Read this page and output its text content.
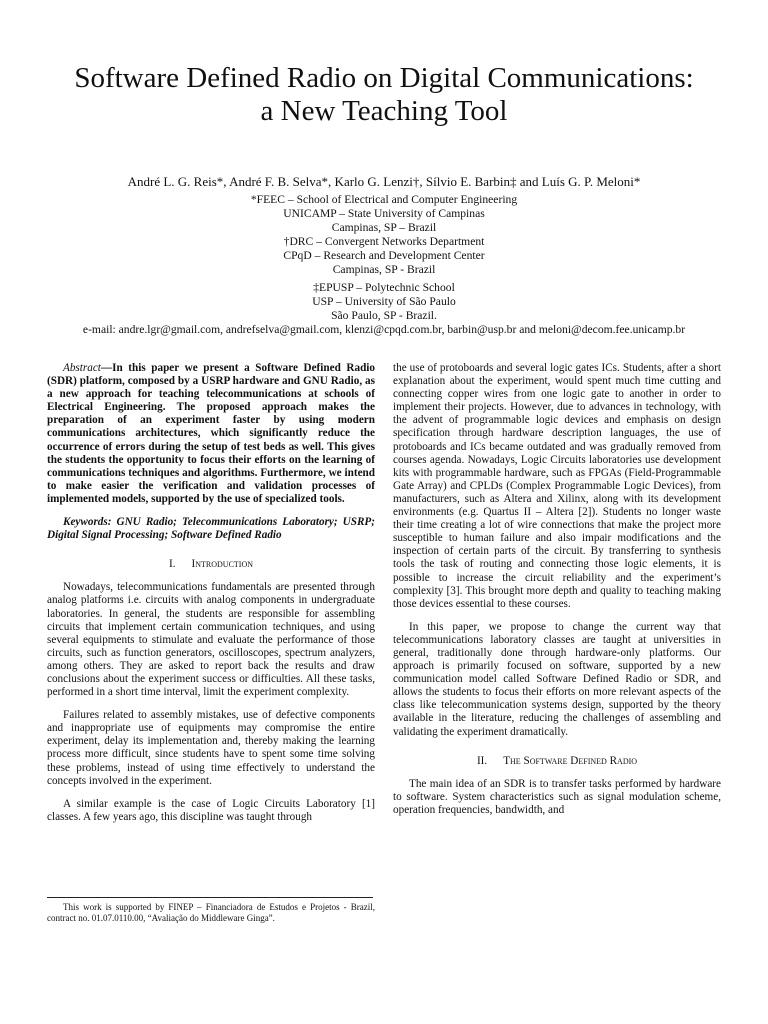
Software Defined Radio on Digital Communications:
a New Teaching Tool
André L. G. Reis*, André F. B. Selva*, Karlo G. Lenzi†, Sílvio E. Barbin‡ and Luís G. P. Meloni*
*FEEC – School of Electrical and Computer Engineering
UNICAMP – State University of Campinas
Campinas, SP – Brazil
†DRC – Convergent Networks Department
CPqD – Research and Development Center
Campinas, SP - Brazil
‡EPUSP – Polytechnic School
USP – University of São Paulo
São Paulo, SP - Brazil.
e-mail: andre.lgr@gmail.com, andrefselva@gmail.com, klenzi@cpqd.com.br, barbin@usp.br and meloni@decom.fee.unicamp.br

Abstract—In this paper we present a Software Defined Radio (SDR) platform, composed by a USRP hardware and GNU Radio, as a new approach for teaching telecommunications at schools of Electrical Engineering. The proposed approach makes the preparation of an experiment faster by using modern communications architectures, which significantly reduce the occurrence of errors during the setup of test beds as well. This gives the students the opportunity to focus their efforts on the learning of communications techniques and algorithms. Furthermore, we intend to make easier the verification and validation processes of implemented models, supported by the use of specialized tools.

Keywords: GNU Radio; Telecommunications Laboratory; USRP; Digital Signal Processing; Software Defined Radio

I. Introduction

Nowadays, telecommunications fundamentals are presented through analog platforms i.e. circuits with analog components in undergraduate laboratories. In general, the students are responsible for assembling circuits that implement certain communication techniques, and using several equipments to stimulate and evaluate the performance of those circuits, such as function generators, oscilloscopes, spectrum analyzers, among others. They are asked to report back the results and draw conclusions about the experiment success or difficulties. All these tasks, performed in a short time interval, limit the experiment complexity.

Failures related to assembly mistakes, use of defective components and inappropriate use of equipments may compromise the entire experiment, delay its implementation and, thereby making the learning process more difficult, since students have to spent some time solving these problems, instead of using time effectively to understand the concepts involved in the experiment.

A similar example is the case of Logic Circuits Laboratory [1] classes. A few years ago, this discipline was taught through

the use of protoboards and several logic gates ICs. Students, after a short explanation about the experiment, would spent much time cutting and connecting copper wires from one logic gate to another in order to implement their projects. However, due to advances in technology, with the advent of programmable logic devices and emphasis on design specification through hardware description languages, the use of protoboards and ICs became outdated and was gradually removed from courses agenda. Nowadays, Logic Circuits laboratories use development kits with programmable hardware, such as FPGAs (Field-Programmable Gate Array) and CPLDs (Complex Programmable Logic Devices), from manufacturers, such as Altera and Xilinx, along with its development environments (e.g. Quartus II – Altera [2]). Students no longer waste their time creating a lot of wire connections that make the project more susceptible to human failure and also impair modifications and the inspection of certain parts of the circuit. By transferring to synthesis tools the task of routing and connecting those logic elements, it is possible to increase the circuit reliability and the experiment’s complexity [3]. This brought more depth and quality to teaching making those devices essential to these courses.

In this paper, we propose to change the current way that telecommunications laboratory classes are taught at universities in general, traditionally done through hardware-only platforms. Our approach is primarily focused on software, supported by a new communication model called Software Defined Radio or SDR, and allows the students to focus their efforts on more relevant aspects of the class like telecommunication systems design, supported by the theory available in the literature, reducing the challenges of assembling and validating the experiment dramatically.

II. The Software Defined Radio

The main idea of an SDR is to transfer tasks performed by hardware to software. System characteristics such as signal modulation scheme, operation frequencies, bandwidth, and

This work is supported by FINEP – Financiadora de Estudos e Projetos - Brazil, contract no. 01.07.0110.00, “Avaliação do Middleware Ginga”.
